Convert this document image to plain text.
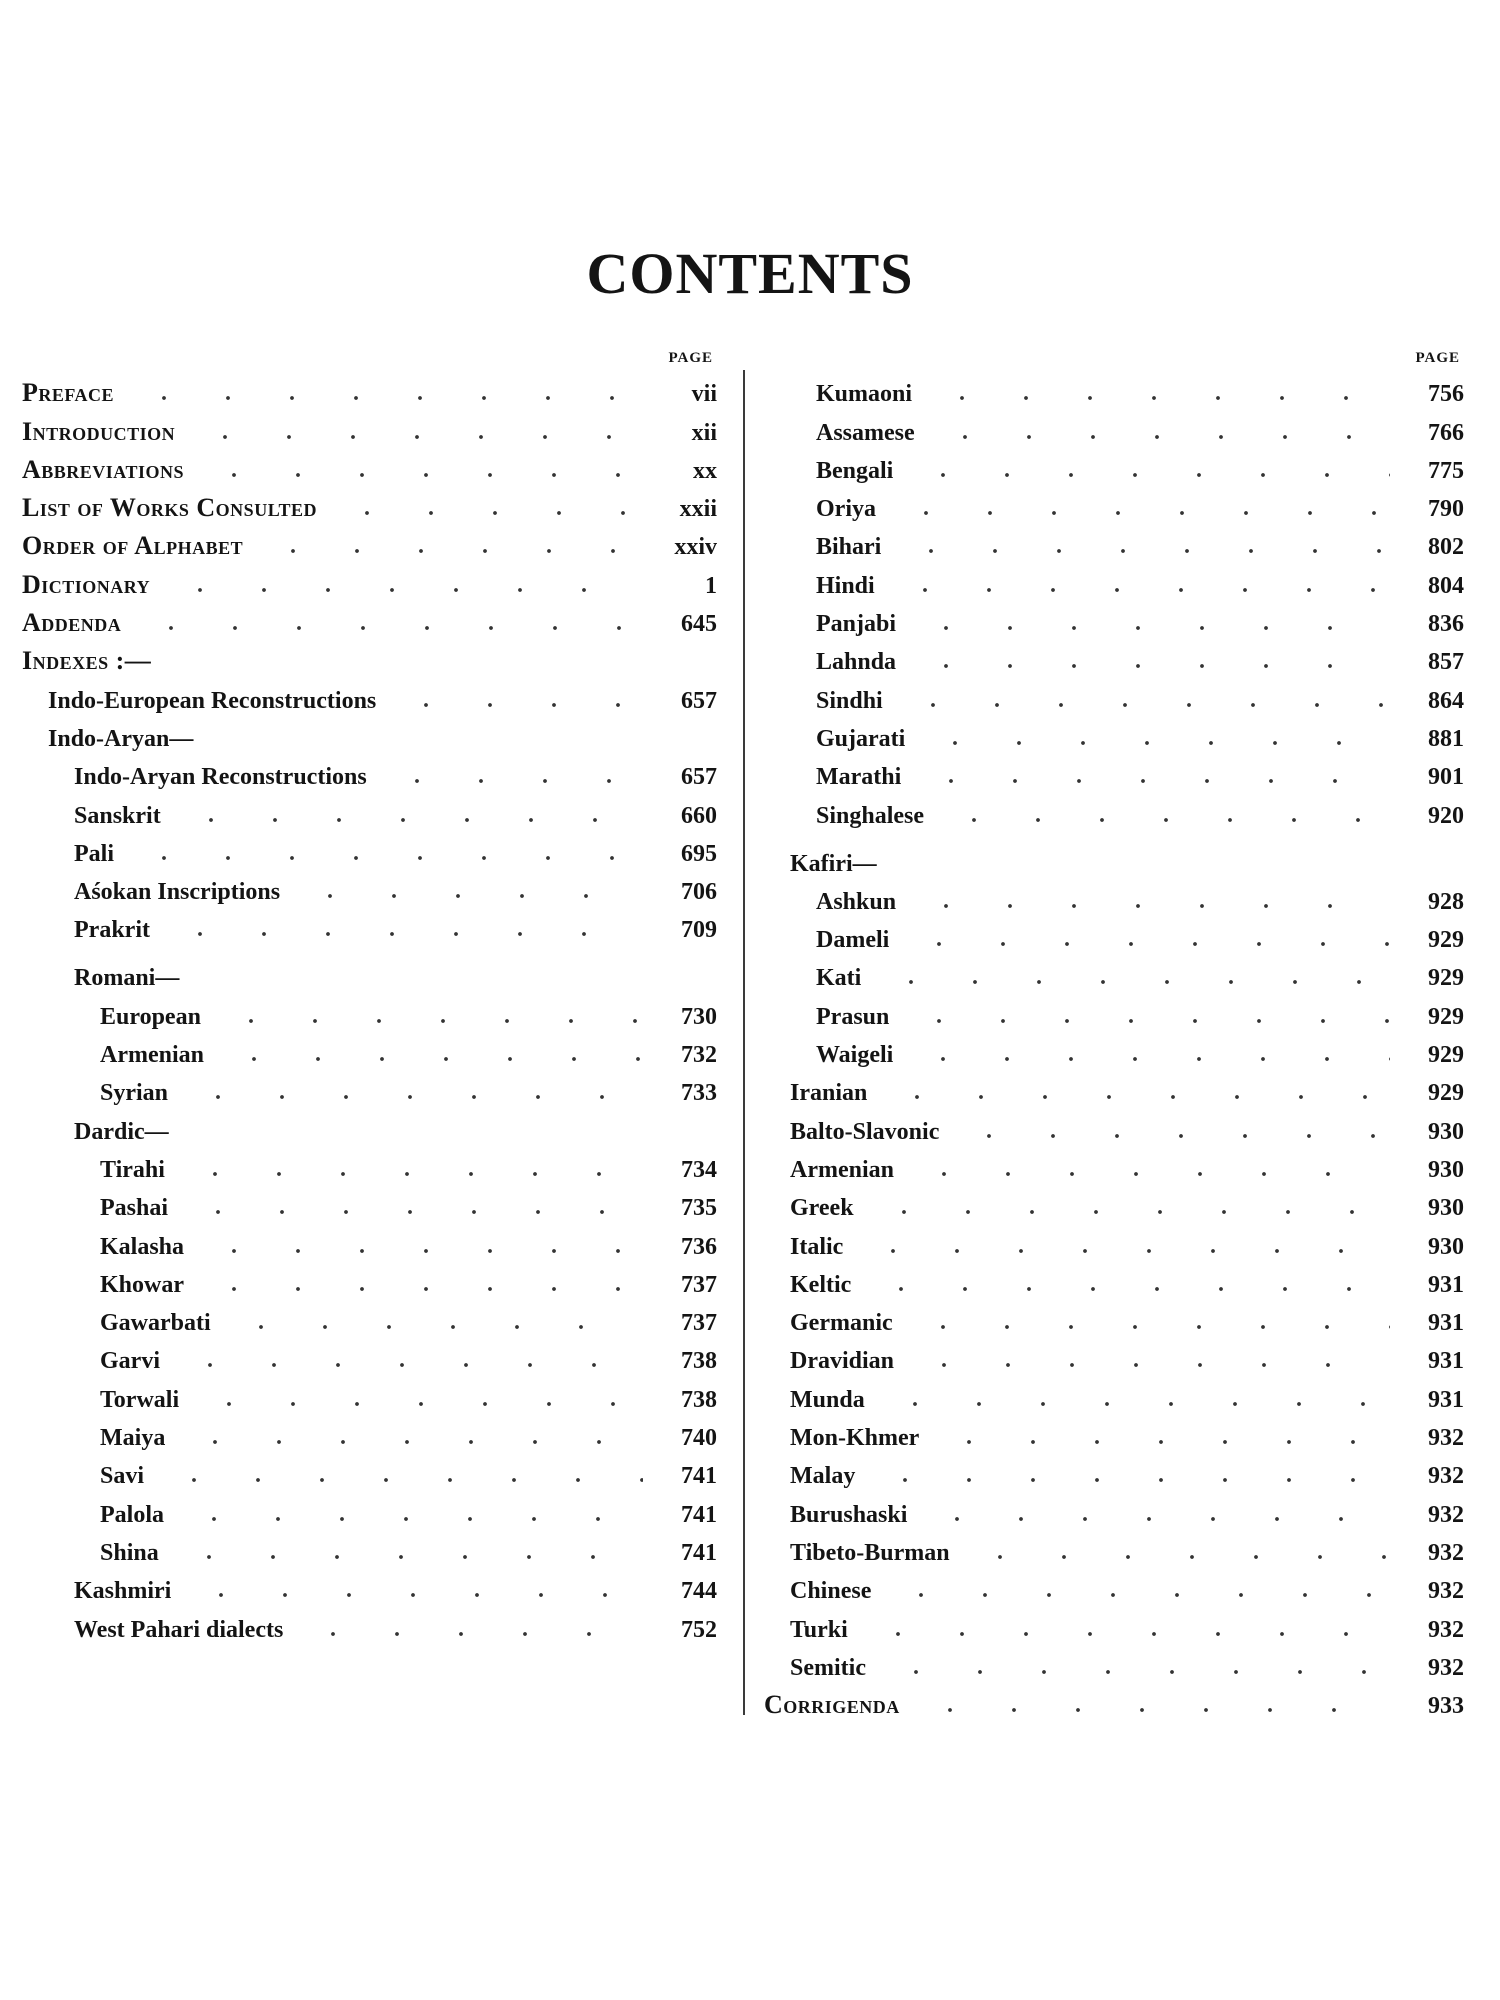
CONTENTS
PAGE
Preface	vii
Introduction	xii
Abbreviations	xx
List of Works Consulted	xxii
Order of Alphabet	xxiv
Dictionary	1
Addenda	645
Indexes :—
Indo-European Reconstructions	657
Indo-Aryan—
Indo-Aryan Reconstructions	657
Sanskrit	660
Pali	695
Aśokan Inscriptions	706
Prakrit	709
Romani—
European	730
Armenian	732
Syrian	733
Dardic—
Tirahi	734
Pashai	735
Kalasha	736
Khowar	737
Gawarbati	737
Garvi	738
Torwali	738
Maiya	740
Savi	741
Palola	741
Shina	741
Kashmiri	744
West Pahari dialects	752
PAGE
Kumaoni	756
Assamese	766
Bengali	775
Oriya	790
Bihari	802
Hindi	804
Panjabi	836
Lahnda	857
Sindhi	864
Gujarati	881
Marathi	901
Singhalese	920
Kafiri—
Ashkun	928
Dameli	929
Kati	929
Prasun	929
Waigeli	929
Iranian	929
Balto-Slavonic	930
Armenian	930
Greek	930
Italic	930
Keltic	931
Germanic	931
Dravidian	931
Munda	931
Mon-Khmer	932
Malay	932
Burushaski	932
Tibeto-Burman	932
Chinese	932
Turki	932
Semitic	932
Corrigenda	933
